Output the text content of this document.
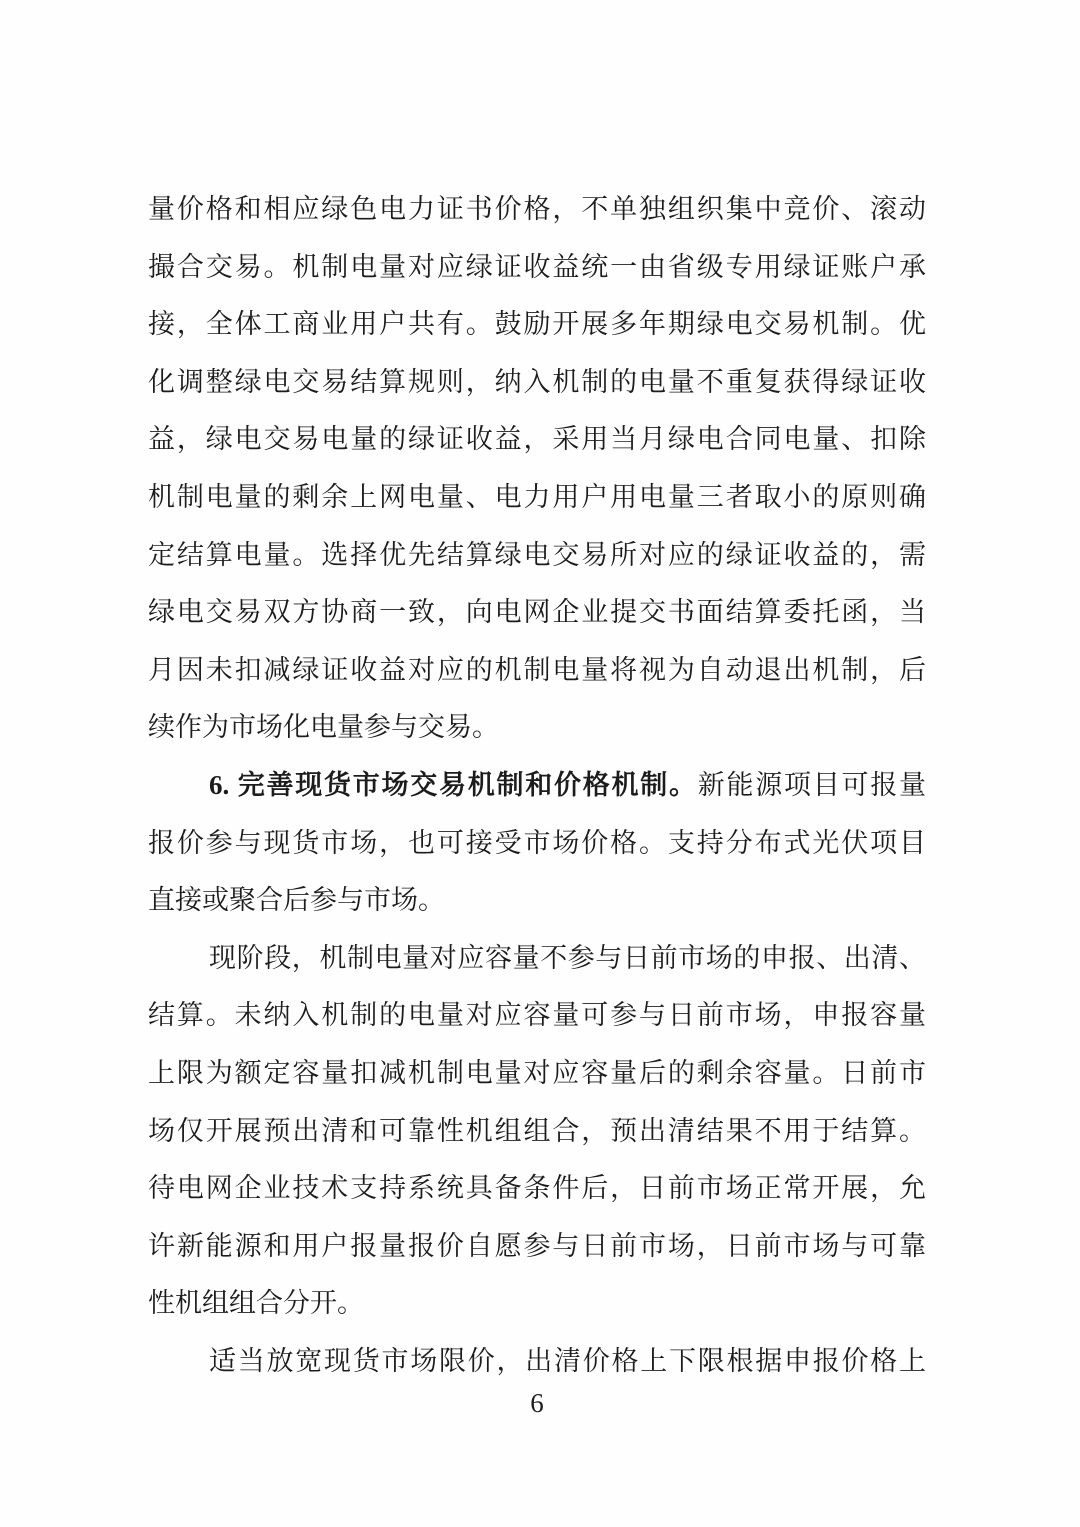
量价格和相应绿色电力证书价格，不单独组织集中竞价、滚动
撮合交易。机制电量对应绿证收益统一由省级专用绿证账户承
接，全体工商业用户共有。鼓励开展多年期绿电交易机制。优
化调整绿电交易结算规则，纳入机制的电量不重复获得绿证收
益，绿电交易电量的绿证收益，采用当月绿电合同电量、扣除
机制电量的剩余上网电量、电力用户用电量三者取小的原则确
定结算电量。选择优先结算绿电交易所对应的绿证收益的，需
绿电交易双方协商一致，向电网企业提交书面结算委托函，当
月因未扣减绿证收益对应的机制电量将视为自动退出机制，后
续作为市场化电量参与交易。
6. 完善现货市场交易机制和价格机制。新能源项目可报量
报价参与现货市场，也可接受市场价格。支持分布式光伏项目
直接或聚合后参与市场。
现阶段，机制电量对应容量不参与日前市场的申报、出清、
结算。未纳入机制的电量对应容量可参与日前市场，申报容量
上限为额定容量扣减机制电量对应容量后的剩余容量。日前市
场仅开展预出清和可靠性机组组合，预出清结果不用于结算。
待电网企业技术支持系统具备条件后，日前市场正常开展，允
许新能源和用户报量报价自愿参与日前市场，日前市场与可靠
性机组组合分开。
适当放宽现货市场限价，出清价格上下限根据申报价格上
6
